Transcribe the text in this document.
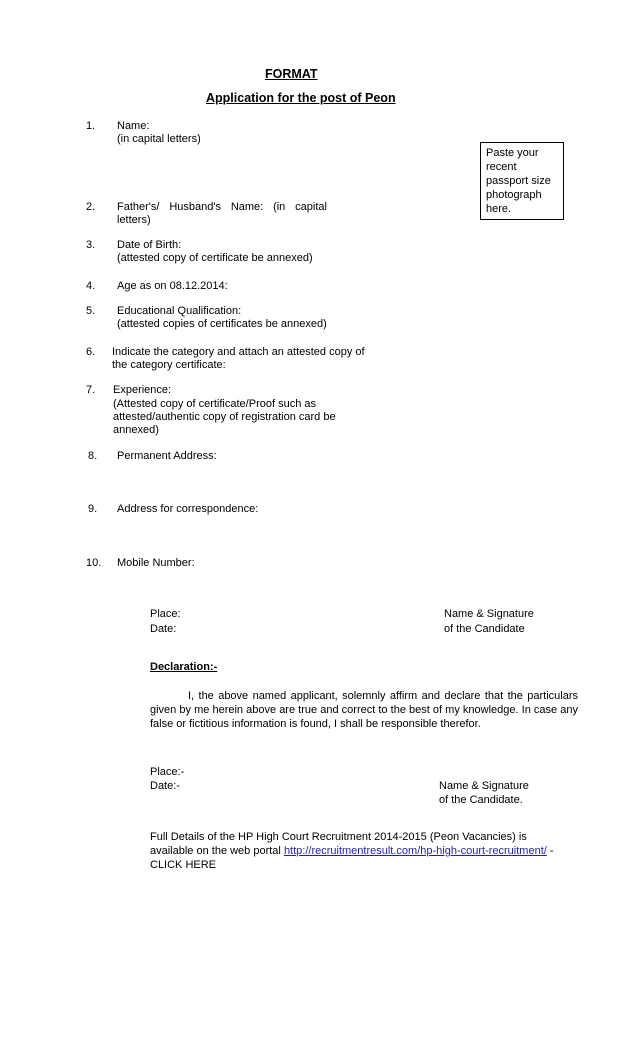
FORMAT
Application for the post of Peon
Paste your
recent
passport size
photograph
here.
1. Name:
(in capital letters)
2. Father's/ Husband's Name: (in capital
letters)
3. Date of Birth:
(attested copy of certificate be annexed)
4. Age as on 08.12.2014:
5. Educational Qualification:
(attested copies of certificates be annexed)
6. Indicate the category and attach an attested copy of
the category certificate:
7. Experience:
(Attested copy of certificate/Proof such as
attested/authentic copy of registration card be
annexed)
8. Permanent Address:
9. Address for correspondence:
10. Mobile Number:
Place:
Date:
Name & Signature
of the Candidate
Declaration:-
I, the above named applicant, solemnly affirm and declare that the particulars given by me herein above are true and correct to the best of my knowledge. In case any false or fictitious information is found, I shall be responsible therefor.
Place:-
Date:-	Name & Signature
of the Candidate.
Full Details of the HP High Court Recruitment 2014-2015 (Peon Vacancies) is
available on the web portal http://recruitmentresult.com/hp-high-court-recruitment/ -
CLICK HERE
